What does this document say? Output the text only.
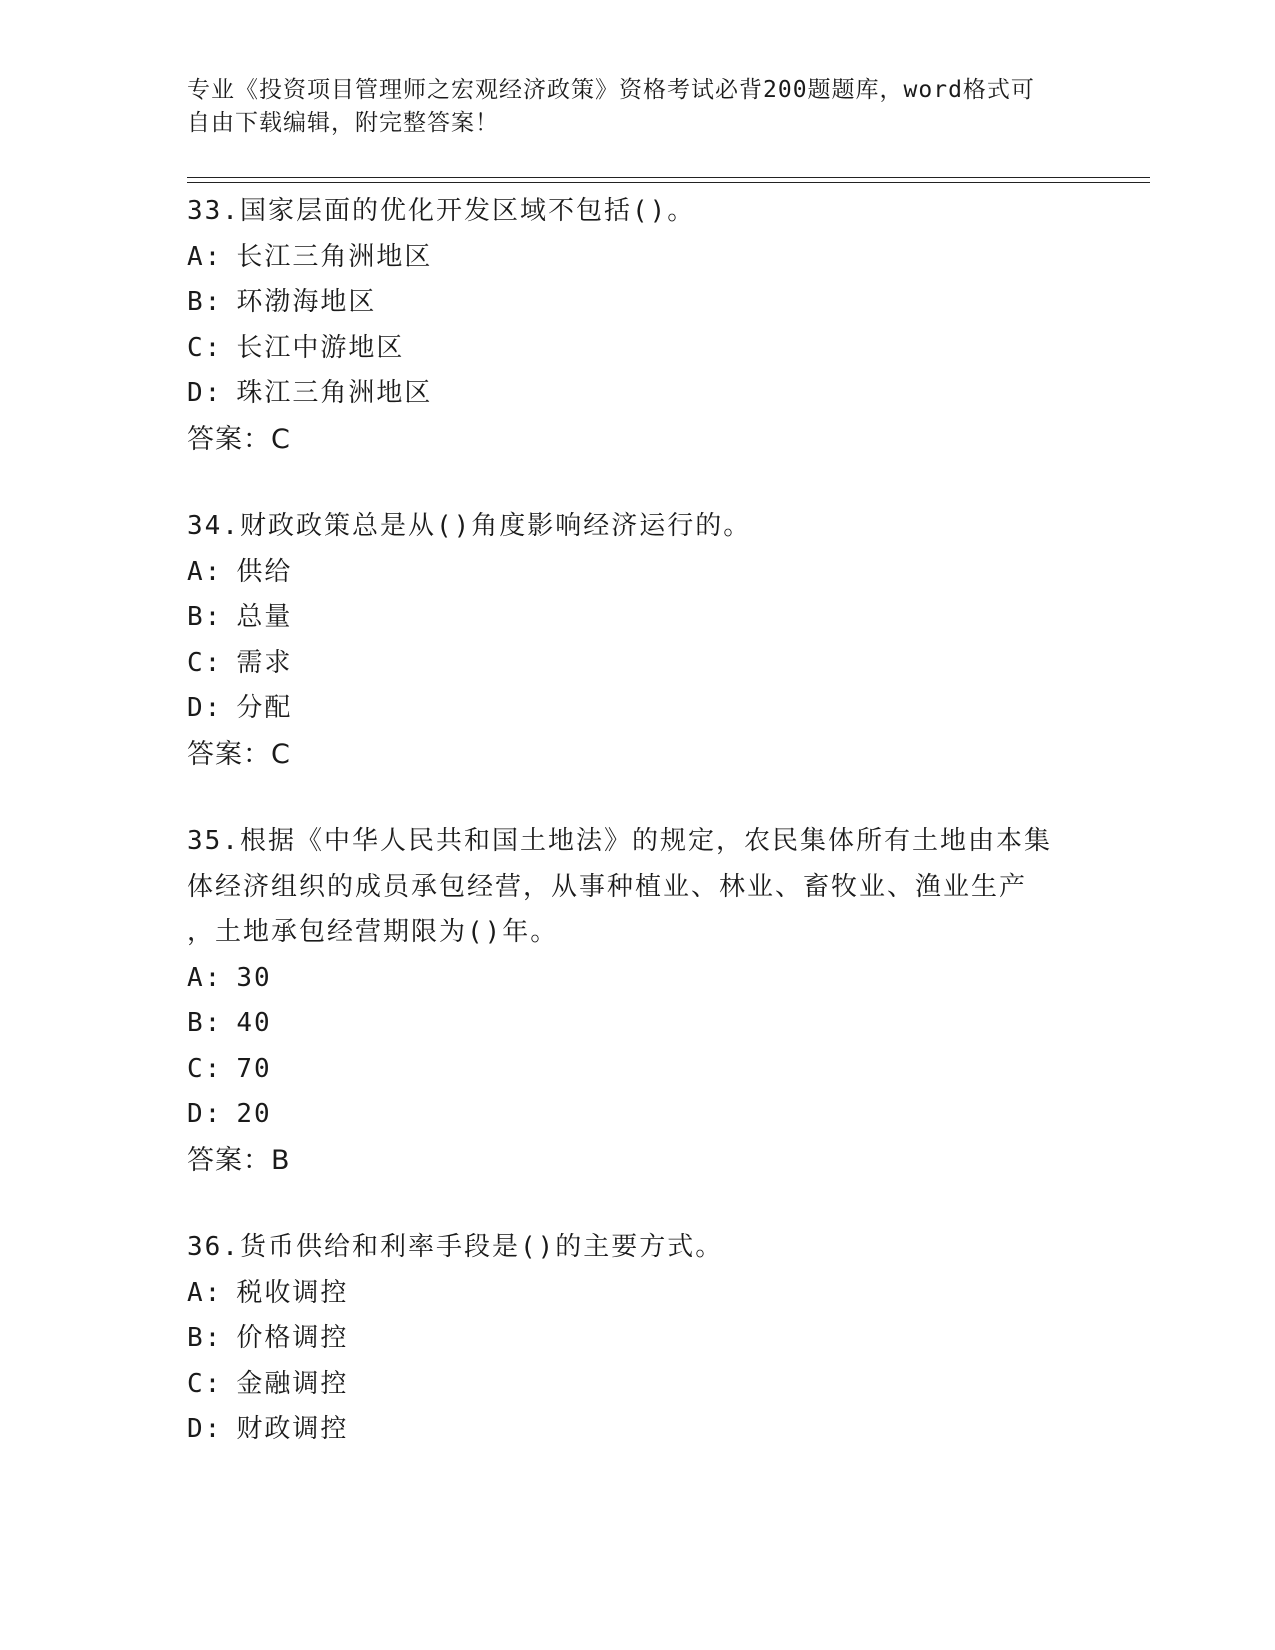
专业《投资项目管理师之宏观经济政策》资格考试必背200题题库，word格式可

自由下载编辑，附完整答案！

33.国家层面的优化开发区域不包括()。

A: 长江三角洲地区
B: 环渤海地区
C: 长江中游地区
D: 珠江三角洲地区
答案：C

34.财政政策总是从()角度影响经济运行的。

A: 供给
B: 总量
C: 需求
D: 分配
答案：C

35.根据《中华人民共和国土地法》的规定，农民集体所有土地由本集

体经济组织的成员承包经营，从事种植业、林业、畜牧业、渔业生产

，土地承包经营期限为()年。

A: 30
B: 40
C: 70
D: 20
答案：B

36.货币供给和利率手段是()的主要方式。

A: 税收调控
B: 价格调控
C: 金融调控
D: 财政调控
